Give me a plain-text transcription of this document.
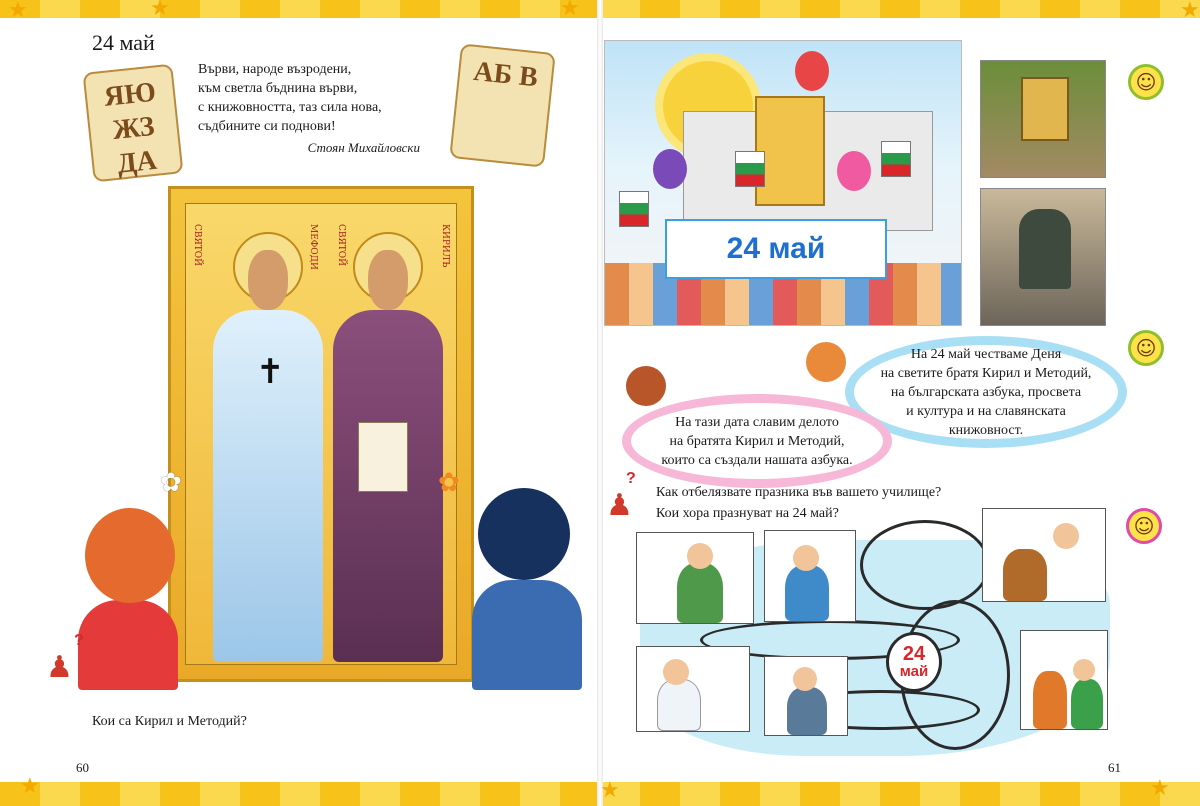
★	★	★	★
★	★	★
24 май
Върви, народе възродени,
към светла бъднина върви,
с книжовността, таз сила нова,
съдбините си поднови!
Стоян Михайловски
ЯЮ ЖЗ ДА
АБ В
СВЯТОЙ	МЕФОДИ СВЯТОЙ	КИРИЛЪ
✝
✿	✿
♟
?
Кои са Кирил и Методий?
60
24 май
☺
☺
☺
На 24 май честваме Деня
на светите братя Кирил и Методий,
на българската азбука, просвета
и култура и на славянската
книжовност.
На тази дата славим делото
на братята Кирил и Методий,
които са създали нашата азбука.
♟
?
Как отбелязвате празника във вашето училище?
Кои хора празнуват на 24 май?
24
май
61
